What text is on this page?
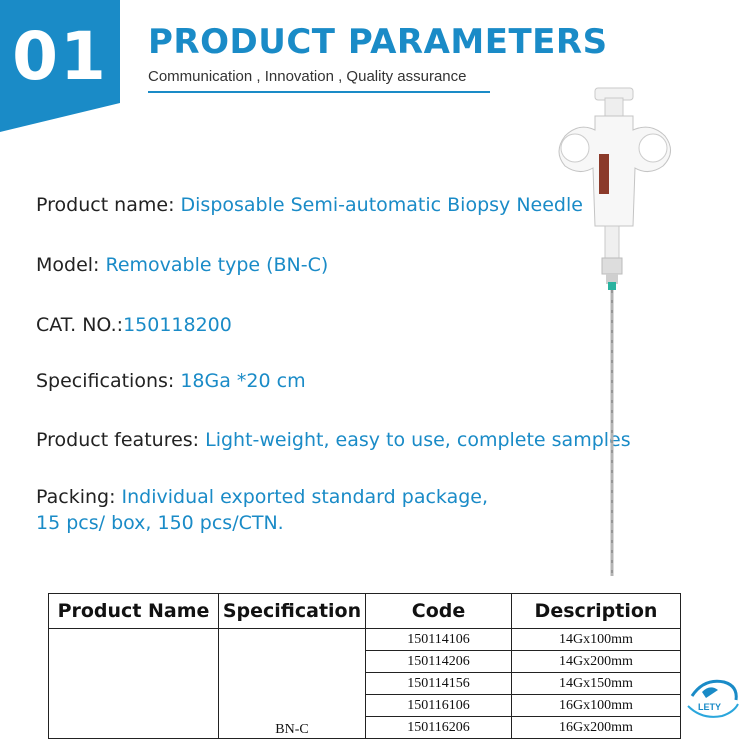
01	PRODUCT PARAMETERS
Communication , Innovation , Quality assurance
Product name: Disposable Semi-automatic Biopsy Needle
Model: Removable type (BN-C)
CAT. NO.:150118200
Specifications: 18Ga *20 cm
Product features: Light-weight, easy to use, complete samples
Packing: Individual exported standard package,
15 pcs/ box, 150 pcs/CTN.
Product Name	Specification	Code	Description
	BN-C	150114106	14Gx100mm
		150114206	14Gx200mm
		150114156	14Gx150mm
		150116106	16Gx100mm
		150116206	16Gx200mm
LETY
